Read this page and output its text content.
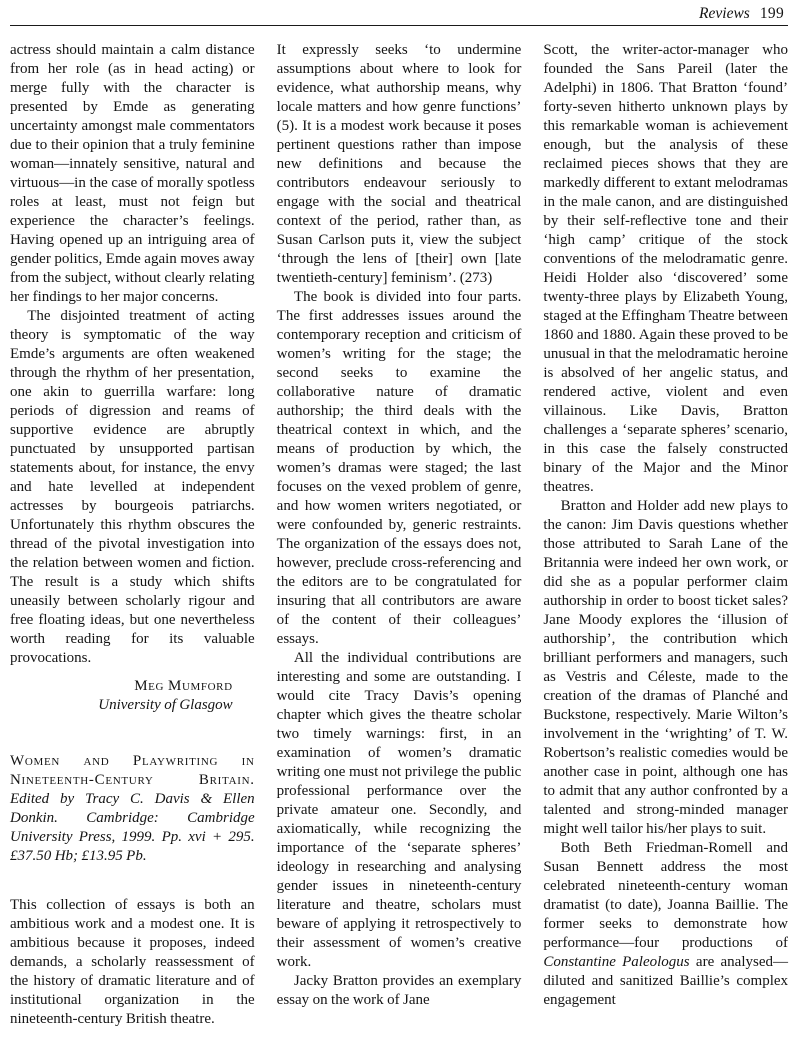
Reviews 199

actress should maintain a calm distance from her role (as in head acting) or merge fully with the character is presented by Emde as generating uncertainty amongst male commentators due to their opinion that a truly feminine woman—innately sensitive, natural and virtuous—in the case of morally spotless roles at least, must not feign but experience the character’s feelings. Having opened up an intriguing area of gender politics, Emde again moves away from the subject, without clearly relating her findings to her major concerns.

The disjointed treatment of acting theory is symptomatic of the way Emde’s arguments are often weakened through the rhythm of her presentation, one akin to guerrilla warfare: long periods of digression and reams of supportive evidence are abruptly punctuated by unsupported partisan statements about, for instance, the envy and hate levelled at independent actresses by bourgeois patriarchs. Unfortunately this rhythm obscures the thread of the pivotal investigation into the relation between women and fiction. The result is a study which shifts uneasily between scholarly rigour and free floating ideas, but one nevertheless worth reading for its valuable provocations.

Meg Mumford
University of Glasgow

Women and Playwriting in Nineteenth-Century Britain. Edited by Tracy C. Davis & Ellen Donkin. Cambridge: Cambridge University Press, 1999. Pp. xvi + 295. £37.50 Hb; £13.95 Pb.

This collection of essays is both an ambitious work and a modest one. It is ambitious because it proposes, indeed demands, a scholarly reassessment of the history of dramatic literature and of institutional organization in the nineteenth-century British theatre.

It expressly seeks ‘to undermine assumptions about where to look for evidence, what authorship means, why locale matters and how genre functions’ (5). It is a modest work because it poses pertinent questions rather than impose new definitions and because the contributors endeavour seriously to engage with the social and theatrical context of the period, rather than, as Susan Carlson puts it, view the subject ‘through the lens of [their] own [late twentieth-century] feminism’. (273)

The book is divided into four parts. The first addresses issues around the contemporary reception and criticism of women’s writing for the stage; the second seeks to examine the collaborative nature of dramatic authorship; the third deals with the theatrical context in which, and the means of production by which, the women’s dramas were staged; the last focuses on the vexed problem of genre, and how women writers negotiated, or were confounded by, generic restraints. The organization of the essays does not, however, preclude cross-referencing and the editors are to be congratulated for insuring that all contributors are aware of the content of their colleagues’ essays.

All the individual contributions are interesting and some are outstanding. I would cite Tracy Davis’s opening chapter which gives the theatre scholar two timely warnings: first, in an examination of women’s dramatic writing one must not privilege the public professional performance over the private amateur one. Secondly, and axiomatically, while recognizing the importance of the ‘separate spheres’ ideology in researching and analysing gender issues in nineteenth-century literature and theatre, scholars must beware of applying it retrospectively to their assessment of women’s creative work.

Jacky Bratton provides an exemplary essay on the work of Jane

Scott, the writer-actor-manager who founded the Sans Pareil (later the Adelphi) in 1806. That Bratton ‘found’ forty-seven hitherto unknown plays by this remarkable woman is achievement enough, but the analysis of these reclaimed pieces shows that they are markedly different to extant melodramas in the male canon, and are distinguished by their self-reflective tone and their ‘high camp’ critique of the stock conventions of the melodramatic genre. Heidi Holder also ‘discovered’ some twenty-three plays by Elizabeth Young, staged at the Effingham Theatre between 1860 and 1880. Again these proved to be unusual in that the melodramatic heroine is absolved of her angelic status, and rendered active, violent and even villainous. Like Davis, Bratton challenges a ‘separate spheres’ scenario, in this case the falsely constructed binary of the Major and the Minor theatres.

Bratton and Holder add new plays to the canon: Jim Davis questions whether those attributed to Sarah Lane of the Britannia were indeed her own work, or did she as a popular performer claim authorship in order to boost ticket sales? Jane Moody explores the ‘illusion of authorship’, the contribution which brilliant performers and managers, such as Vestris and Céleste, made to the creation of the dramas of Planché and Buckstone, respectively. Marie Wilton’s involvement in the ‘wrighting’ of T. W. Robertson’s realistic comedies would be another case in point, although one has to admit that any author confronted by a talented and strong-minded manager might well tailor his/her plays to suit.

Both Beth Friedman-Romell and Susan Bennett address the most celebrated nineteenth-century woman dramatist (to date), Joanna Baillie. The former seeks to demonstrate how performance—four productions of Constantine Paleologus are analysed—diluted and sanitized Baillie’s complex engagement
